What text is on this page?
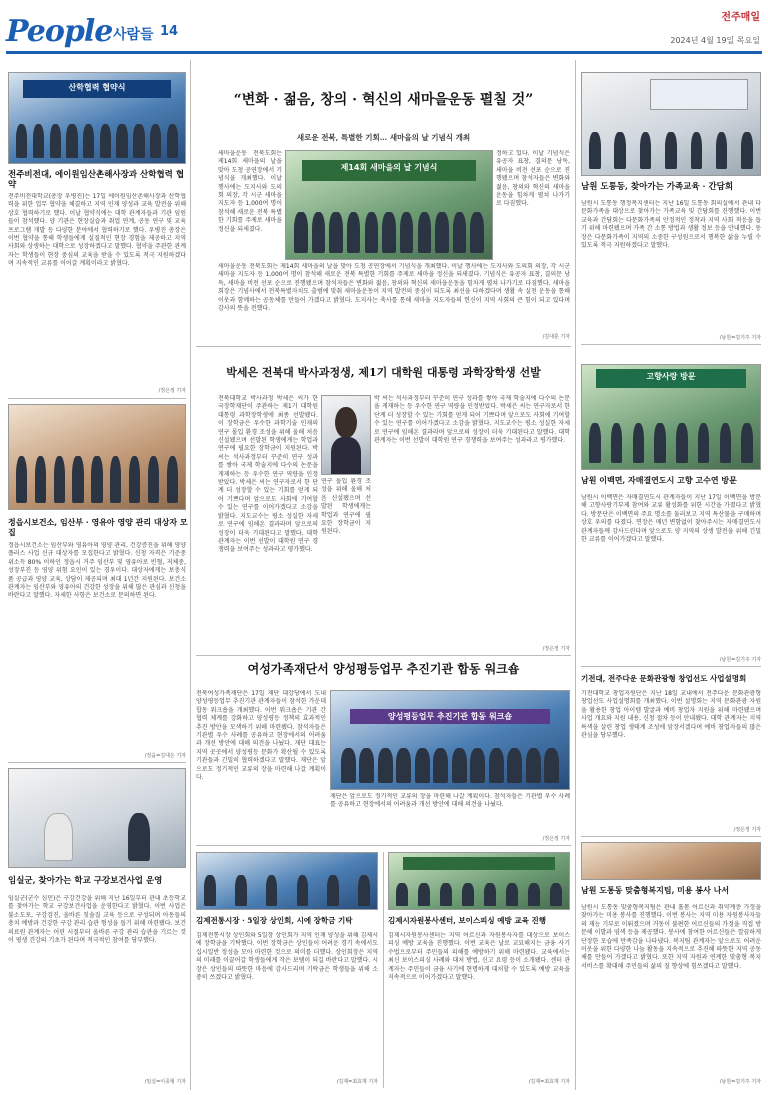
People 사람들 14
전주매일
2024년 4월 19일 목요일
산학협력 협약식
전주비전대, 에이원임산촌해사장과 산학협력 협약
전주비전대학교(총장 우병진)는 17일 에이원임산촌해사장과 산학협력을 위한 업무 협약을 체결하고 지역 인재 양성과 교육 발전을 위해 상호 협력하기로 했다. 이날 협약식에는 대학 관계자들과 기관 임원들이 참석했다. 양 기관은 현장실습과 취업 연계, 공동 연구 및 교육 프로그램 개발 등 다양한 분야에서 협력하기로 했다. 우병진 총장은 이번 협약을 통해 학생들에게 실질적인 현장 경험을 제공하고 지역 사회와 상생하는 대학으로 성장하겠다고 말했다. 협약을 주관한 관계자는 학생들이 현장 중심의 교육을 받을 수 있도록 적극 지원하겠다며 지속적인 교류를 이어갈 계획이라고 밝혔다.
/정은정 기자
정읍시보건소, 임산부 · 영유아 영양 관리 대상자 모집
정읍시보건소는 임산부와 영유아의 영양 관리, 건강증진을 위해 영양플러스 사업 신규 대상자를 모집한다고 밝혔다. 신청 자격은 기준중위소득 80% 이하인 정읍시 거주 임산부 및 영유아로 빈혈, 저체중, 성장부진 등 영양 위험 요인이 있는 경우이다. 대상자에게는 보충식품 공급과 영양 교육, 상담이 제공되며 최대 1년간 지원된다. 보건소 관계자는 임산부와 영유아의 건강한 성장을 위해 많은 관심과 신청을 바란다고 말했다. 자세한 사항은 보건소로 문의하면 된다.
/정읍=김대은 기자
임실군, 찾아가는 학교 구강보건사업 운영
임실군(군수 심민)은 구강건강을 위해 지난 16일부터 관내 초등학교를 찾아가는 학교 구강보건사업을 운영한다고 밝혔다. 이번 사업은 불소도포, 구강검진, 올바른 칫솔질 교육 등으로 구성되며 아동들의 충치 예방과 건강한 구강 관리 습관 형성을 돕기 위해 마련됐다. 보건의료원 관계자는 어린 시절부터 올바른 구강 관리 습관을 기르는 것이 평생 건강의 기초가 된다며 적극적인 참여를 당부했다.
/임실=이종형 기자
“변화 · 젊음, 창의 · 혁신의 새마을운동 펼칠 것”
새로운 전북, 특별한 기회… 새마을의 날 기념식 개최
새마을운동 전북도회는 제14회 새마을의 날을 맞아 도청 공연장에서 기념식을 개최했다. 이날 행사에는 도지사와 도의회 의장, 각 시군 새마을 지도자 등 1,000여 명이 참석해 새로운 전북 특별한 기회를 주제로 새마을 정신을 되새겼다.
제14회 새마을의 날 기념식
정하고 있다. 이날 기념식은 유공자 표창, 결의문 낭독, 새마을 비전 선포 순으로 진행됐으며 참석자들은 변화와 젊음, 창의와 혁신의 새마을운동을 힘차게 펼쳐 나가기로 다짐했다.
새마을운동 전북도회는 제14회 새마을의 날을 맞아 도청 공연장에서 기념식을 개최했다. 이날 행사에는 도지사와 도의회 의장, 각 시군 새마을 지도자 등 1,000여 명이 참석해 새로운 전북 특별한 기회를 주제로 새마을 정신을 되새겼다. 기념식은 유공자 표창, 결의문 낭독, 새마을 비전 선포 순으로 진행됐으며 참석자들은 변화와 젊음, 창의와 혁신의 새마을운동을 힘차게 펼쳐 나가기로 다짐했다. 새마을회장은 기념사에서 전북특별자치도 출범에 맞춰 새마을운동이 지역 발전의 중심이 되도록 최선을 다하겠다며 생활 속 실천 운동을 통해 이웃과 함께하는 공동체를 만들어 가겠다고 밝혔다. 도지사는 축사를 통해 새마을 지도자들의 헌신이 지역 사회의 큰 힘이 되고 있다며 감사의 뜻을 전했다.
/김대훈 기자
박세은 전북대 박사과정생, 제1기 대학원 대통령 과학장학생 선발
전북대학교 박사과정 박세은 씨가 한국장학재단이 주관하는 제1기 대학원 대통령 과학장학생에 최종 선발됐다. 이 장학금은 우수한 과학기술 인재의 연구 몰입 환경 조성을 위해 올해 처음 신설됐으며 선발된 학생에게는 학업과 연구에 필요한 장학금이 지원된다. 박 씨는 석사과정부터 꾸준히 연구 성과를 쌓아 국제 학술지에 다수의 논문을 게재하는 등 우수한 연구 역량을 인정받았다. 박세은 씨는 연구자로서 한 단계 더 성장할 수 있는 기회를 얻게 되어 기쁘다며 앞으로도 사회에 기여할 수 있는 연구를 이어가겠다고 소감을 밝혔다. 지도교수는 평소 성실한 자세로 연구에 임해온 결과라며 앞으로의 성장이 더욱 기대된다고 말했다. 대학 관계자는 이번 선발이 대학원 연구 경쟁력을 보여주는 성과라고 평가했다.
연구 몰입 환경 조성을 위해 올해 처음 신설됐으며 선발된 학생에게는 학업과 연구에 필요한 장학금이 지원된다.
박 씨는 석사과정부터 꾸준히 연구 성과를 쌓아 국제 학술지에 다수의 논문을 게재하는 등 우수한 연구 역량을 인정받았다. 박세은 씨는 연구자로서 한 단계 더 성장할 수 있는 기회를 얻게 되어 기쁘다며 앞으로도 사회에 기여할 수 있는 연구를 이어가겠다고 소감을 밝혔다. 지도교수는 평소 성실한 자세로 연구에 임해온 결과라며 앞으로의 성장이 더욱 기대된다고 말했다. 대학 관계자는 이번 선발이 대학원 연구 경쟁력을 보여주는 성과라고 평가했다.
/정은정 기자
여성가족재단서 양성평등업무 추진기관 합동 워크숍
전북여성가족재단은 17일 재단 대강당에서 도내 양성평등업무 추진기관 관계자들이 참석한 가운데 합동 워크숍을 개최했다. 이번 워크숍은 기관 간 협력 체계를 강화하고 양성평등 정책의 효과적인 추진 방안을 모색하기 위해 마련됐다. 참석자들은 기관별 우수 사례를 공유하고 현장에서의 어려움과 개선 방안에 대해 의견을 나눴다. 재단 대표는 지역 곳곳에서 양성평등 문화가 확산될 수 있도록 기관들과 긴밀히 협력하겠다고 말했다. 재단은 앞으로도 정기적인 교류의 장을 마련해 나갈 계획이다.
양성평등업무 추진기관 합동 워크숍
재단은 앞으로도 정기적인 교류의 장을 마련해 나갈 계획이다. 참석자들은 기관별 우수 사례를 공유하고 현장에서의 어려움과 개선 방안에 대해 의견을 나눴다.
/정은정 기자
김제전통시장 · 5일장 상인회, 시에 장학금 기탁
김제전통시장 상인회와 5일장 상인회가 지역 인재 양성을 위해 김제시에 장학금을 기탁했다. 이번 장학금은 상인들이 어려운 경기 속에서도 십시일반 정성을 모아 마련한 것으로 의미를 더했다. 상인회장은 지역의 미래를 이끌어갈 학생들에게 작은 보탬이 되길 바란다고 말했다. 시장은 상인들의 따뜻한 마음에 감사드리며 기탁금은 학생들을 위해 소중히 쓰겠다고 밝혔다.
/김제=최효재 기자
김제시자원봉사센터, 보이스피싱 예방 교육 진행
김제시자원봉사센터는 지역 어르신과 자원봉사자를 대상으로 보이스피싱 예방 교육을 진행했다. 이번 교육은 날로 교묘해지는 금융 사기 수법으로부터 주민들의 피해를 예방하기 위해 마련됐다. 교육에서는 최신 보이스피싱 사례와 대처 방법, 신고 요령 등이 소개됐다. 센터 관계자는 주민들이 금융 사기에 현명하게 대처할 수 있도록 예방 교육을 지속적으로 이어가겠다고 말했다.
/김제=최효재 기자
남원 도통동, 찾아가는 가족교육 · 간담회
남원시 도통동 행정복지센터는 지난 16일 도통동 회의실에서 관내 다문화가족을 대상으로 찾아가는 가족교육 및 간담회를 진행했다. 이번 교육과 간담회는 다문화가족의 안정적인 정착과 지역 사회 적응을 돕기 위해 마련됐으며 가족 간 소통 방법과 생활 정보 등을 안내했다. 동장은 다문화가족이 지역의 소중한 구성원으로서 행복한 삶을 누릴 수 있도록 적극 지원하겠다고 말했다.
/남원=김기주 기자
고향사랑 방문
남원 이백면, 자매결연도시 고향 고수연 방문
남원시 이백면은 자매결연도시 관계자들이 지난 17일 이백면을 방문해 고향사랑기부제 참여와 교류 활성화를 위한 시간을 가졌다고 밝혔다. 방문단은 이백면의 주요 명소를 둘러보고 지역 특산물을 구매하며 상호 우의를 다졌다. 면장은 매년 변함없이 찾아주시는 자매결연도시 관계자들께 감사드린다며 앞으로도 양 지역의 상생 발전을 위해 긴밀한 교류를 이어가겠다고 말했다.
/남원=김기주 기자
기전대, 전주다운 문화관광형 창업선도 사업설명회
기전대학교 창업지원단은 지난 18일 교내에서 전주다운 문화관광형 창업선도 사업설명회를 개최했다. 이번 설명회는 지역 문화관광 자원을 활용한 창업 아이템 발굴과 예비 창업자 지원을 위해 마련됐으며 사업 개요와 지원 내용, 신청 절차 등이 안내됐다. 대학 관계자는 지역 특색을 살린 창업 생태계 조성에 앞장서겠다며 예비 창업자들의 많은 관심을 당부했다.
/정은정 기자
남원 도통동 맞춤형복지팀, 미용 봉사 나서
남원시 도통동 맞춤형복지팀은 관내 홀몸 어르신과 취약계층 가정을 찾아가는 미용 봉사를 진행했다. 이번 봉사는 지역 미용 자원봉사자들의 재능 기부로 이뤄졌으며 거동이 불편한 어르신들의 가정을 직접 방문해 이발과 염색 등을 제공했다. 봉사에 참여한 어르신들은 깔끔하게 단장한 모습에 만족감을 나타냈다. 복지팀 관계자는 앞으로도 어려운 이웃을 위한 다양한 나눔 활동을 지속적으로 추진해 따뜻한 지역 공동체를 만들어 가겠다고 밝혔다. 또한 지역 자원과 연계한 맞춤형 복지 서비스를 확대해 주민들의 삶의 질 향상에 힘쓰겠다고 말했다.
/남원=김기주 기자
